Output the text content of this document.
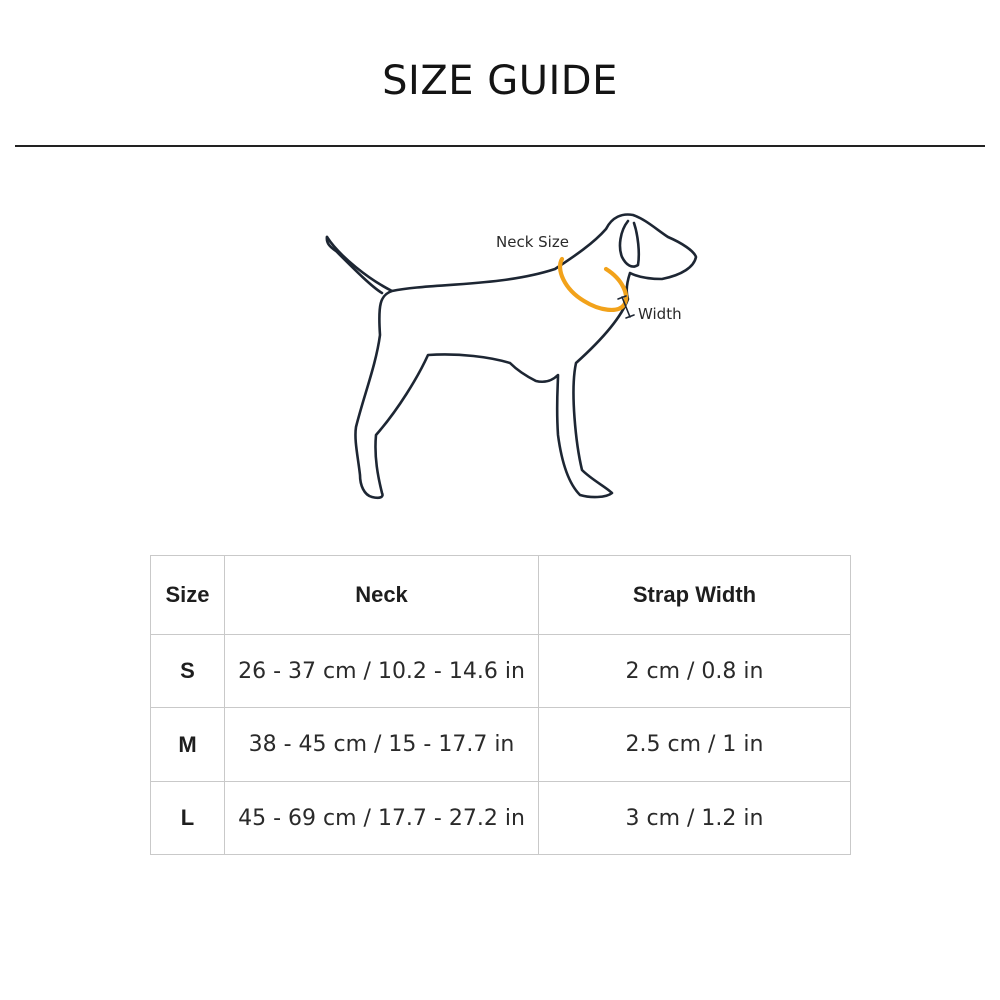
SIZE GUIDE
Neck Size
Width
Size	Neck	Strap Width
S	26 - 37 cm / 10.2 - 14.6 in	2 cm / 0.8 in
M	38 - 45 cm / 15 - 17.7 in	2.5 cm / 1 in
L	45 - 69 cm / 17.7 - 27.2 in	3 cm / 1.2 in
